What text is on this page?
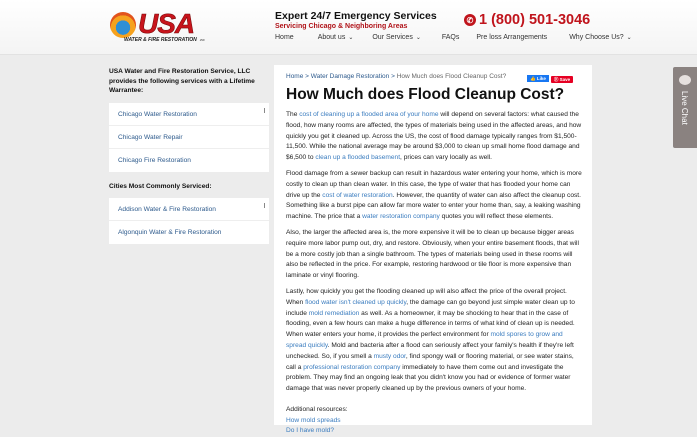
USA
WATER & FIRE RESTORATION INC
Expert 24/7 Emergency Services
Servicing Chicago & Neighboring Areas
✆ 1 (800) 501-3046
Home	About us ⌄	Our Services ⌄	FAQs Pre loss Arrangements	Why Choose Us? ⌄
USA Water and Fire Restoration Service, LLC provides the following services with a Lifetime Warrantee:
Chicago Water Restoration
Chicago Water Repair
Chicago Fire Restoration
Cities Most Commonly Serviced:
Addison Water & Fire Restoration
Algonquin Water & Fire Restoration
Home > Water Damage Restoration > How Much does Flood Cleanup Cost?
How Much does Flood Cleanup Cost?

The cost of cleaning up a flooded area of your home will depend on several factors: what caused the flood, how many rooms are affected, the types of materials being used in the affected areas, and how quickly you get it cleaned up. Across the US, the cost of flood damage typically ranges from $1,500-11,500. While the national average may be around $3,000 to clean up small home flood damage and $6,500 to clean up a flooded basement, prices can vary locally as well.

Flood damage from a sewer backup can result in hazardous water entering your home, which is more costly to clean up than clean water. In this case, the type of water that has flooded your home can drive up the cost of water restoration. However, the quantity of water can also affect the cleanup cost. Something like a burst pipe can allow far more water to enter your home than, say, a leaking washing machine. The price that a water restoration company quotes you will reflect these elements.

Also, the larger the affected area is, the more expensive it will be to clean up because bigger areas require more labor pump out, dry, and restore. Obviously, when your entire basement floods, that will be a more costly job than a single bathroom. The types of materials being used in these rooms will also be reflected in the price. For example, restoring hardwood or tile floor is more expensive than laminate or vinyl flooring.

Lastly, how quickly you get the flooding cleaned up will also affect the price of the overall project. When flood water isn't cleaned up quickly, the damage can go beyond just simple water clean up to include mold remediation as well. As a homeowner, it may be shocking to hear that in the case of flooding, even a few hours can make a huge difference in terms of what kind of clean up is needed. When water enters your home, it provides the perfect environment for mold spores to grow and spread quickly. Mold and bacteria after a flood can seriously affect your family's health if they're left unchecked. So, if you smell a musty odor, find spongy wall or flooring material, or see water stains, call a professional restoration company immediately to have them come out and investigate the problem. They may find an ongoing leak that you didn't know you had or evidence of former water damage that was never properly cleaned up by the previous owners of your home.

Additional resources:

How mold spreads
Do I have mold?
👍 Like	ⓟ Save
Live Chat
